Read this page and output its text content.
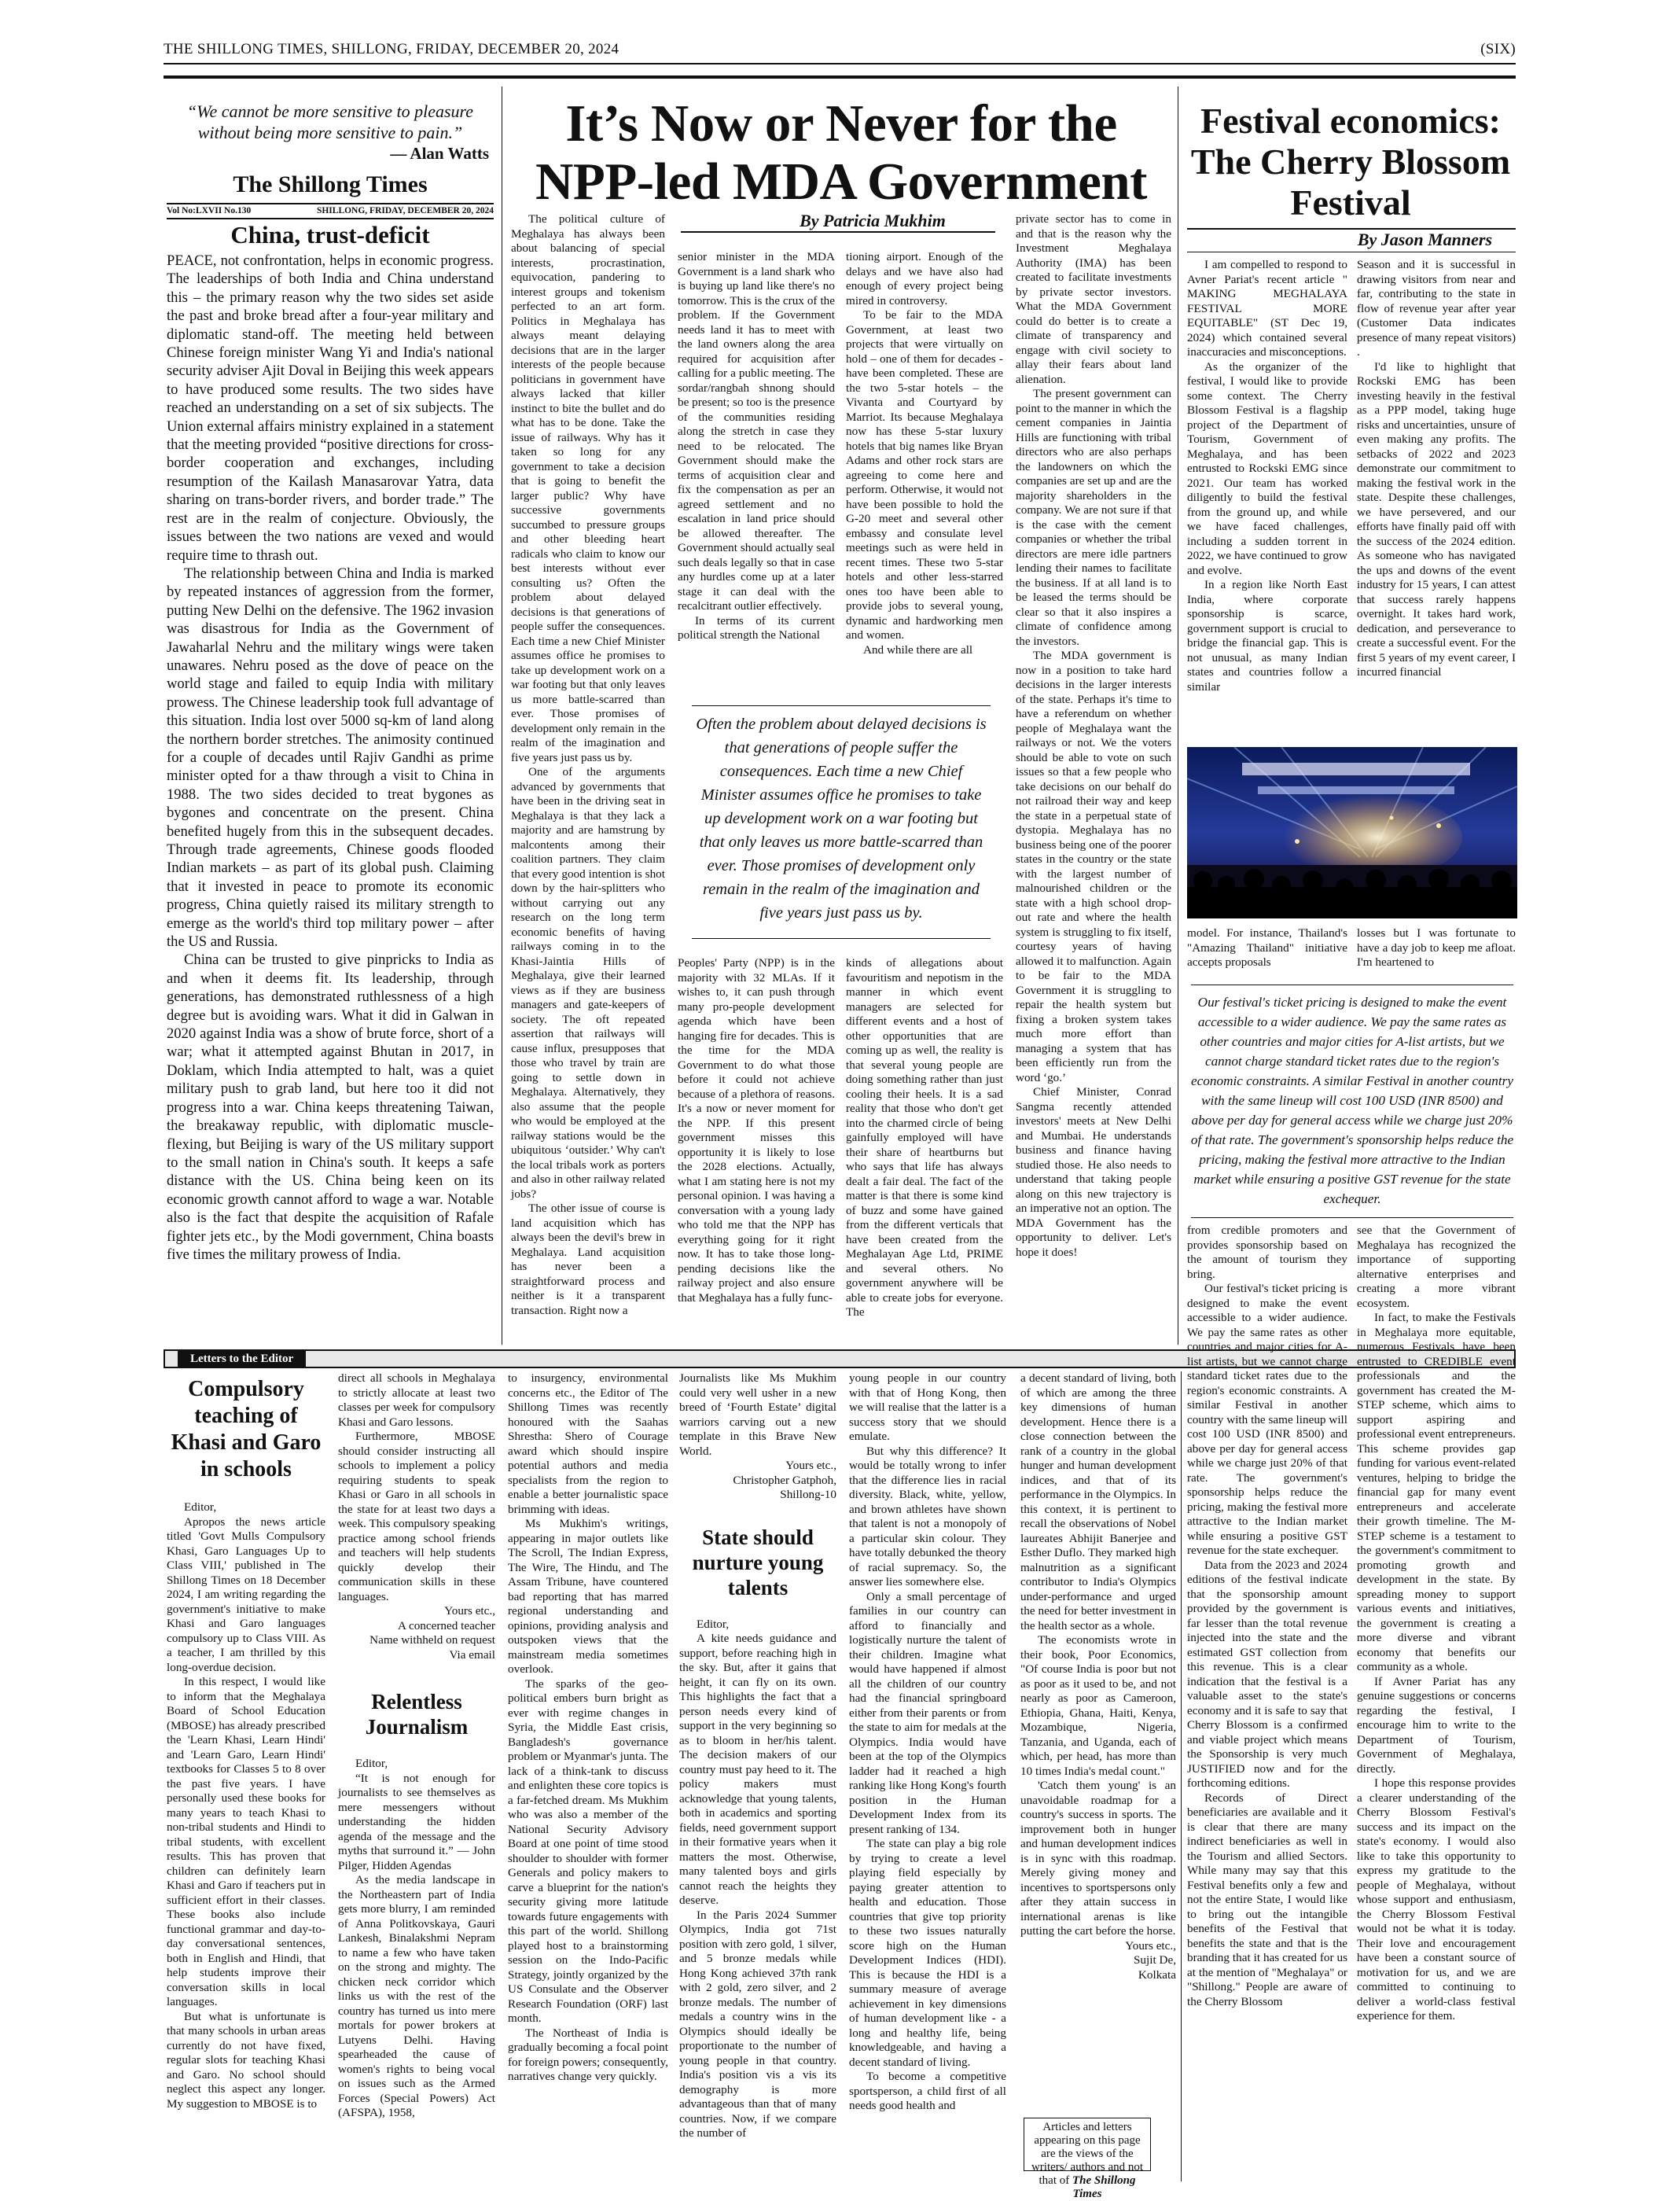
THE SHILLONG TIMES, SHILLONG, FRIDAY, DECEMBER 20, 2024	(SIX)
“We cannot be more sensitive to pleasure without being more sensitive to pain.”
— Alan Watts
The Shillong Times
Vol No:LXVII No.130	SHILLONG, FRIDAY, DECEMBER 20, 2024
China, trust-deficit

PEACE, not confrontation, helps in economic progress. The leaderships of both India and China understand this – the primary reason why the two sides set aside the past and broke bread after a four-year military and diplomatic stand-off. The meeting held between Chinese foreign minister Wang Yi and India's national security adviser Ajit Doval in Beijing this week appears to have produced some results. The two sides have reached an understanding on a set of six subjects. The Union external affairs ministry explained in a statement that the meeting provided “positive directions for cross-border cooperation and exchanges, including resumption of the Kailash Manasarovar Yatra, data sharing on trans-border rivers, and border trade.” The rest are in the realm of conjecture. Obviously, the issues between the two nations are vexed and would require time to thrash out.

The relationship between China and India is marked by repeated instances of aggression from the former, putting New Delhi on the defensive. The 1962 invasion was disastrous for India as the Government of Jawaharlal Nehru and the military wings were taken unawares. Nehru posed as the dove of peace on the world stage and failed to equip India with military prowess. The Chinese leadership took full advantage of this situation. India lost over 5000 sq-km of land along the northern border stretches. The animosity continued for a couple of decades until Rajiv Gandhi as prime minister opted for a thaw through a visit to China in 1988. The two sides decided to treat bygones as bygones and concentrate on the present. China benefited hugely from this in the subsequent decades. Through trade agreements, Chinese goods flooded Indian markets – as part of its global push. Claiming that it invested in peace to promote its economic progress, China quietly raised its military strength to emerge as the world's third top military power – after the US and Russia.

China can be trusted to give pinpricks to India as and when it deems fit. Its leadership, through generations, has demonstrated ruthlessness of a high degree but is avoiding wars. What it did in Galwan in 2020 against India was a show of brute force, short of a war; what it attempted against Bhutan in 2017, in Doklam, which India attempted to halt, was a quiet military push to grab land, but here too it did not progress into a war. China keeps threatening Taiwan, the breakaway republic, with diplomatic muscle-flexing, but Beijing is wary of the US military support to the small nation in China's south. It keeps a safe distance with the US. China being keen on its economic growth cannot afford to wage a war. Notable also is the fact that despite the acquisition of Rafale fighter jets etc., by the Modi government, China boasts five times the military prowess of India.

It’s Now or Never for the NPP-led MDA Government
By Patricia Mukhim

The political culture of Meghalaya has always been about balancing of special interests, procrastination, equivocation, pandering to interest groups and tokenism perfected to an art form. Politics in Meghalaya has always meant delaying decisions that are in the larger interests of the people because politicians in government have always lacked that killer instinct to bite the bullet and do what has to be done. Take the issue of railways. Why has it taken so long for any government to take a decision that is going to benefit the larger public? Why have successive governments succumbed to pressure groups and other bleeding heart radicals who claim to know our best interests without ever consulting us? Often the problem about delayed decisions is that generations of people suffer the consequences. Each time a new Chief Minister assumes office he promises to take up development work on a war footing but that only leaves us more battle-scarred than ever. Those promises of development only remain in the realm of the imagination and five years just pass us by.

One of the arguments advanced by governments that have been in the driving seat in Meghalaya is that they lack a majority and are hamstrung by malcontents among their coalition partners. They claim that every good intention is shot down by the hair-splitters who without carrying out any research on the long term economic benefits of having railways coming in to the Khasi-Jaintia Hills of Meghalaya, give their learned views as if they are business managers and gate-keepers of society. The oft repeated assertion that railways will cause influx, presupposes that those who travel by train are going to settle down in Meghalaya. Alternatively, they also assume that the people who would be employed at the railway stations would be the ubiquitous ‘outsider.’ Why can't the local tribals work as porters and also in other railway related jobs?

The other issue of course is land acquisition which has always been the devil's brew in Meghalaya. Land acquisition has never been a straightforward process and neither is it a transparent transaction. Right now a

senior minister in the MDA Government is a land shark who is buying up land like there's no tomorrow. This is the crux of the problem. If the Government needs land it has to meet with the land owners along the area required for acquisition after calling for a public meeting. The sordar/rangbah shnong should be present; so too is the presence of the communities residing along the stretch in case they need to be relocated. The Government should make the terms of acquisition clear and fix the compensation as per an agreed settlement and no escalation in land price should be allowed thereafter. The Government should actually seal such deals legally so that in case any hurdles come up at a later stage it can deal with the recalcitrant outlier effectively.

In terms of its current political strength the National

tioning airport. Enough of the delays and we have also had enough of every project being mired in controversy.

To be fair to the MDA Government, at least two projects that were virtually on hold – one of them for decades - have been completed. These are the two 5-star hotels – the Vivanta and Courtyard by Marriot. Its because Meghalaya now has these 5-star luxury hotels that big names like Bryan Adams and other rock stars are agreeing to come here and perform. Otherwise, it would not have been possible to hold the G-20 meet and several other embassy and consulate level meetings such as were held in recent times. These two 5-star hotels and other less-starred ones too have been able to provide jobs to several young, dynamic and hardworking men and women.

And while there are all

Often the problem about delayed decisions is that generations of people suffer the consequences. Each time a new Chief Minister assumes office he promises to take up development work on a war footing but that only leaves us more battle-scarred than ever. Those promises of development only remain in the realm of the imagination and five years just pass us by.

Peoples' Party (NPP) is in the majority with 32 MLAs. If it wishes to, it can push through many pro-people development agenda which have been hanging fire for decades. This is the time for the MDA Government to do what those before it could not achieve because of a plethora of reasons. It's a now or never moment for the NPP. If this present government misses this opportunity it is likely to lose the 2028 elections. Actually, what I am stating here is not my personal opinion. I was having a conversation with a young lady who told me that the NPP has everything going for it right now. It has to take those long-pending decisions like the railway project and also ensure that Meghalaya has a fully func-

kinds of allegations about favouritism and nepotism in the manner in which event managers are selected for different events and a host of other opportunities that are coming up as well, the reality is that several young people are doing something rather than just cooling their heels. It is a sad reality that those who don't get into the charmed circle of being gainfully employed will have their share of heartburns but who says that life has always dealt a fair deal. The fact of the matter is that there is some kind of buzz and some have gained from the different verticals that have been created from the Meghalayan Age Ltd, PRIME and several others. No government anywhere will be able to create jobs for everyone. The

private sector has to come in and that is the reason why the Investment Meghalaya Authority (IMA) has been created to facilitate investments by private sector investors. What the MDA Government could do better is to create a climate of transparency and engage with civil society to allay their fears about land alienation.

The present government can point to the manner in which the cement companies in Jaintia Hills are functioning with tribal directors who are also perhaps the landowners on which the companies are set up and are the majority shareholders in the company. We are not sure if that is the case with the cement companies or whether the tribal directors are mere idle partners lending their names to facilitate the business. If at all land is to be leased the terms should be clear so that it also inspires a climate of confidence among the investors.

The MDA government is now in a position to take hard decisions in the larger interests of the state. Perhaps it's time to have a referendum on whether people of Meghalaya want the railways or not. We the voters should be able to vote on such issues so that a few people who take decisions on our behalf do not railroad their way and keep the state in a perpetual state of dystopia. Meghalaya has no business being one of the poorer states in the country or the state with the largest number of malnourished children or the state with a high school drop-out rate and where the health system is struggling to fix itself, courtesy years of having allowed it to malfunction. Again to be fair to the MDA Government it is struggling to repair the health system but fixing a broken system takes much more effort than managing a system that has been efficiently run from the word ‘go.’

Chief Minister, Conrad Sangma recently attended investors' meets at New Delhi and Mumbai. He understands business and finance having studied those. He also needs to understand that taking people along on this new trajectory is an imperative not an option. The MDA Government has the opportunity to deliver. Let's hope it does!

Festival economics: The Cherry Blossom Festival
By Jason Manners

I am compelled to respond to Avner Pariat's recent article " MAKING MEGHALAYA FESTIVAL MORE EQUITABLE" (ST Dec 19, 2024) which contained several inaccuracies and misconceptions.

As the organizer of the festival, I would like to provide some context. The Cherry Blossom Festival is a flagship project of the Department of Tourism, Government of Meghalaya, and has been entrusted to Rockski EMG since 2021. Our team has worked diligently to build the festival from the ground up, and while we have faced challenges, including a sudden torrent in 2022, we have continued to grow and evolve.

In a region like North East India, where corporate sponsorship is scarce, government support is crucial to bridge the financial gap. This is not unusual, as many Indian states and countries follow a similar

Season and it is successful in drawing visitors from near and far, contributing to the state in flow of revenue year after year (Customer Data indicates presence of many repeat visitors) .

I'd like to highlight that Rockski EMG has been investing heavily in the festival as a PPP model, taking huge risks and uncertainties, unsure of even making any profits. The setbacks of 2022 and 2023 demonstrate our commitment to making the festival work in the state. Despite these challenges, we have persevered, and our efforts have finally paid off with the success of the 2024 edition. As someone who has navigated the ups and downs of the event industry for 15 years, I can attest that success rarely happens overnight. It takes hard work, dedication, and perseverance to create a successful event. For the first 5 years of my event career, I incurred financial

model. For instance, Thailand's "Amazing Thailand" initiative accepts proposals

losses but I was fortunate to have a day job to keep me afloat. I'm heartened to

Our festival's ticket pricing is designed to make the event accessible to a wider audience. We pay the same rates as other countries and major cities for A-list artists, but we cannot charge standard ticket rates due to the region's economic constraints. A similar Festival in another country with the same lineup will cost 100 USD (INR 8500) and above per day for general access while we charge just 20% of that rate. The government's sponsorship helps reduce the pricing, making the festival more attractive to the Indian market while ensuring a positive GST revenue for the state exchequer.
Letters to the Editor
Compulsory teaching of Khasi and Garo in schools

Editor,

Apropos the news article titled 'Govt Mulls Compulsory Khasi, Garo Languages Up to Class VIII,' published in The Shillong Times on 18 December 2024, I am writing regarding the government's initiative to make Khasi and Garo languages compulsory up to Class VIII. As a teacher, I am thrilled by this long-overdue decision.

In this respect, I would like to inform that the Meghalaya Board of School Education (MBOSE) has already prescribed the 'Learn Khasi, Learn Hindi' and 'Learn Garo, Learn Hindi' textbooks for Classes 5 to 8 over the past five years. I have personally used these books for many years to teach Khasi to non-tribal students and Hindi to tribal students, with excellent results. This has proven that children can definitely learn Khasi and Garo if teachers put in sufficient effort in their classes. These books also include functional grammar and day-to-day conversational sentences, both in English and Hindi, that help students improve their conversation skills in local languages.

But what is unfortunate is that many schools in urban areas currently do not have fixed, regular slots for teaching Khasi and Garo. No school should neglect this aspect any longer. My suggestion to MBOSE is to

direct all schools in Meghalaya to strictly allocate at least two classes per week for compulsory Khasi and Garo lessons.

Furthermore, MBOSE should consider instructing all schools to implement a policy requiring students to speak Khasi or Garo in all schools in the state for at least two days a week. This compulsory speaking practice among school friends and teachers will help students quickly develop their communication skills in these languages.

Yours etc.,
A concerned teacher
Name withheld on request
Via email
Relentless Journalism

Editor,

“It is not enough for journalists to see themselves as mere messengers without understanding the hidden agenda of the message and the myths that surround it.” — John Pilger, Hidden Agendas

As the media landscape in the Northeastern part of India gets more blurry, I am reminded of Anna Politkovskaya, Gauri Lankesh, Binalakshmi Nepram to name a few who have taken on the strong and mighty. The chicken neck corridor which links us with the rest of the country has turned us into mere mortals for power brokers at Lutyens Delhi. Having spearheaded the cause of women's rights to being vocal on issues such as the Armed Forces (Special Powers) Act (AFSPA), 1958,

to insurgency, environmental concerns etc., the Editor of The Shillong Times was recently honoured with the Saahas Shrestha: Shero of Courage award which should inspire potential authors and media specialists from the region to enable a better journalistic space brimming with ideas.

Ms Mukhim's writings, appearing in major outlets like The Scroll, The Indian Express, The Wire, The Hindu, and The Assam Tribune, have countered bad reporting that has marred regional understanding and opinions, providing analysis and outspoken views that the mainstream media sometimes overlook.

The sparks of the geo-political embers burn bright as ever with regime changes in Syria, the Middle East crisis, Bangladesh's governance problem or Myanmar's junta. The lack of a think-tank to discuss and enlighten these core topics is a far-fetched dream. Ms Mukhim who was also a member of the National Security Advisory Board at one point of time stood shoulder to shoulder with former Generals and policy makers to carve a blueprint for the nation's security giving more latitude towards future engagements with this part of the world. Shillong played host to a brainstorming session on the Indo-Pacific Strategy, jointly organized by the US Consulate and the Observer Research Foundation (ORF) last month.

The Northeast of India is gradually becoming a focal point for foreign powers; consequently, narratives change very quickly.

Journalists like Ms Mukhim could very well usher in a new breed of ‘Fourth Estate’ digital warriors carving out a new template in this Brave New World.

Yours etc.,
Christopher Gatphoh,
Shillong-10
State should nurture young talents

Editor,

A kite needs guidance and support, before reaching high in the sky. But, after it gains that height, it can fly on its own. This highlights the fact that a person needs every kind of support in the very beginning so as to bloom in her/his talent. The decision makers of our country must pay heed to it. The policy makers must acknowledge that young talents, both in academics and sporting fields, need government support in their formative years when it matters the most. Otherwise, many talented boys and girls cannot reach the heights they deserve.

In the Paris 2024 Summer Olympics, India got 71st position with zero gold, 1 silver, and 5 bronze medals while Hong Kong achieved 37th rank with 2 gold, zero silver, and 2 bronze medals. The number of medals a country wins in the Olympics should ideally be proportionate to the number of young people in that country. India's position vis a vis its demography is more advantageous than that of many countries. Now, if we compare the number of

young people in our country with that of Hong Kong, then we will realise that the latter is a success story that we should emulate.

But why this difference? It would be totally wrong to infer that the difference lies in racial diversity. Black, white, yellow, and brown athletes have shown that talent is not a monopoly of a particular skin colour. They have totally debunked the theory of racial supremacy. So, the answer lies somewhere else.

Only a small percentage of families in our country can afford to financially and logistically nurture the talent of their children. Imagine what would have happened if almost all the children of our country had the financial springboard either from their parents or from the state to aim for medals at the Olympics. India would have been at the top of the Olympics ladder had it reached a high ranking like Hong Kong's fourth position in the Human Development Index from its present ranking of 134.

The state can play a big role by trying to create a level playing field especially by paying greater attention to health and education. Those countries that give top priority to these two issues naturally score high on the Human Development Indices (HDI). This is because the HDI is a summary measure of average achievement in key dimensions of human development like - a long and healthy life, being knowledgeable, and having a decent standard of living.

To become a competitive sportsperson, a child first of all needs good health and

a decent standard of living, both of which are among the three key dimensions of human development. Hence there is a close connection between the rank of a country in the global hunger and human development indices, and that of its performance in the Olympics. In this context, it is pertinent to recall the observations of Nobel laureates Abhijit Banerjee and Esther Duflo. They marked high malnutrition as a significant contributor to India's Olympics under-performance and urged the need for better investment in the health sector as a whole.

The economists wrote in their book, Poor Economics, "Of course India is poor but not as poor as it used to be, and not nearly as poor as Cameroon, Ethiopia, Ghana, Haiti, Kenya, Mozambique, Nigeria, Tanzania, and Uganda, each of which, per head, has more than 10 times India's medal count."

'Catch them young' is an unavoidable roadmap for a country's success in sports. The improvement both in hunger and human development indices is in sync with this roadmap. Merely giving money and incentives to sportspersons only after they attain success in international arenas is like putting the cart before the horse.

Yours etc.,
Sujit De,
Kolkata
Articles and letters appearing on this page are the views of the writers/ authors and not that of The Shillong Times

from credible promoters and provides sponsorship based on the amount of tourism they bring.

Our festival's ticket pricing is designed to make the event accessible to a wider audience. We pay the same rates as other countries and major cities for A-list artists, but we cannot charge standard ticket rates due to the region's economic constraints. A similar Festival in another country with the same lineup will cost 100 USD (INR 8500) and above per day for general access while we charge just 20% of that rate. The government's sponsorship helps reduce the pricing, making the festival more attractive to the Indian market while ensuring a positive GST revenue for the state exchequer.

Data from the 2023 and 2024 editions of the festival indicate that the sponsorship amount provided by the government is far lesser than the total revenue injected into the state and the estimated GST collection from this revenue. This is a clear indication that the festival is a valuable asset to the state's economy and it is safe to say that Cherry Blossom is a confirmed and viable project which means the Sponsorship is very much JUSTIFIED now and for the forthcoming editions.

Records of Direct beneficiaries are available and it is clear that there are many indirect beneficiaries as well in the Tourism and allied Sectors. While many may say that this Festival benefits only a few and not the entire State, I would like to bring out the intangible benefits of the Festival that benefits the state and that is the branding that it has created for us at the mention of "Meghalaya" or "Shillong." People are aware of the Cherry Blossom

see that the Government of Meghalaya has recognized the importance of supporting alternative enterprises and creating a more vibrant ecosystem.

In fact, to make the Festivals in Meghalaya more equitable, numerous Festivals have been entrusted to CREDIBLE event professionals and the government has created the M-STEP scheme, which aims to support aspiring and professional event entrepreneurs. This scheme provides gap funding for various event-related ventures, helping to bridge the financial gap for many event entrepreneurs and accelerate their growth timeline. The M-STEP scheme is a testament to the government's commitment to promoting growth and development in the state. By spreading money to support various events and initiatives, the government is creating a more diverse and vibrant economy that benefits our community as a whole.

If Avner Pariat has any genuine suggestions or concerns regarding the festival, I encourage him to write to the Department of Tourism, Government of Meghalaya, directly.

I hope this response provides a clearer understanding of the Cherry Blossom Festival's success and its impact on the state's economy. I would also like to take this opportunity to express my gratitude to the people of Meghalaya, without whose support and enthusiasm, the Cherry Blossom Festival would not be what it is today. Their love and encouragement have been a constant source of motivation for us, and we are committed to continuing to deliver a world-class festival experience for them.
